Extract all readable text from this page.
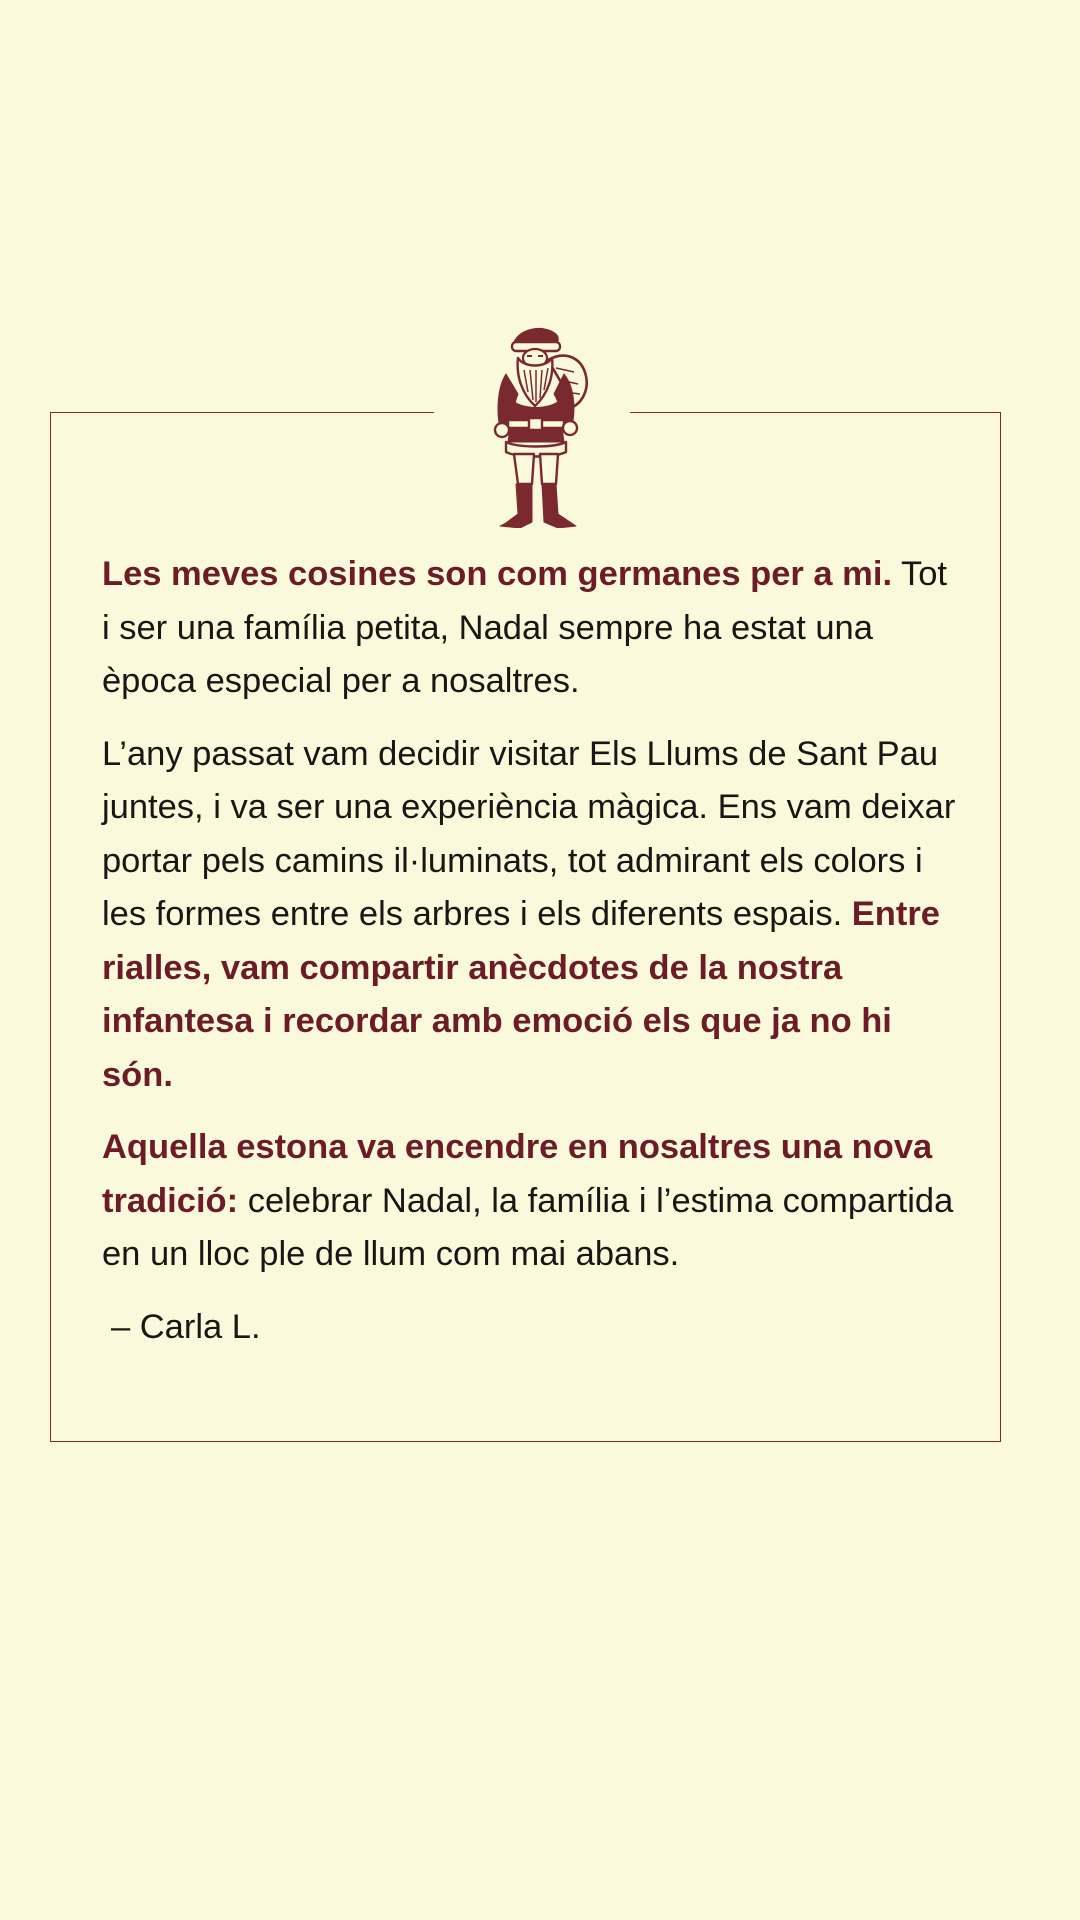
Les meves cosines son com germanes per a mi. Tot i ser una família petita, Nadal sempre ha estat una època especial per a nosaltres.

L’any passat vam decidir visitar Els Llums de Sant Pau juntes, i va ser una experiència màgica. Ens vam deixar portar pels camins il·luminats, tot admirant els colors i les formes entre els arbres i els diferents espais. Entre rialles, vam compartir anècdotes de la nostra infantesa i recordar amb emoció els que ja no hi són.

Aquella estona va encendre en nosaltres una nova tradició: celebrar Nadal, la família i l’estima compartida en un lloc ple de llum com mai abans.

– Carla L.
